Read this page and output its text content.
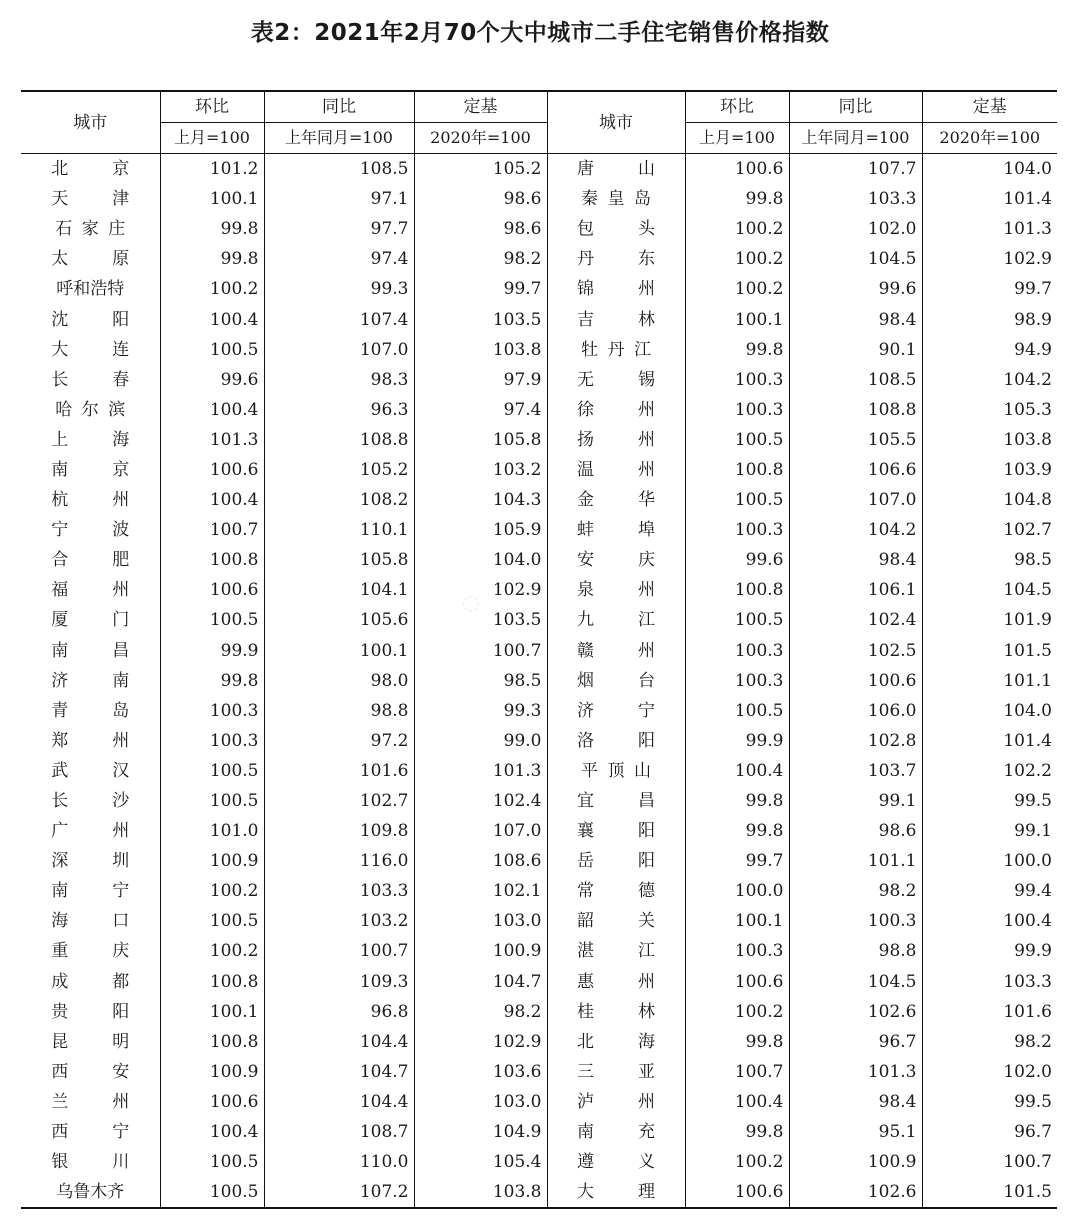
表2：2021年2月70个大中城市二手住宅销售价格指数
城市	环比	同比	定基	城市	环比	同比	定基
	上月=100	上年同月=100	2020年=100		上月=100	上年同月=100	2020年=100

北 京	101.2	108.5	105.2	唐 山	100.6	107.7	104.0

天 津	100.1	97.1	98.6	秦 皇 岛	99.8	103.3	101.4

石 家 庄	99.8	97.7	98.6	包 头	100.2	102.0	101.3

太 原	99.8	97.4	98.2	丹 东	100.2	104.5	102.9

呼 和 浩 特	100.2	99.3	99.7	锦 州	100.2	99.6	99.7

沈 阳	100.4	107.4	103.5	吉 林	100.1	98.4	98.9

大 连	100.5	107.0	103.8	牡 丹 江	99.8	90.1	94.9

长 春	99.6	98.3	97.9	无 锡	100.3	108.5	104.2

哈 尔 滨	100.4	96.3	97.4	徐 州	100.3	108.8	105.3

上 海	101.3	108.8	105.8	扬 州	100.5	105.5	103.8

南 京	100.6	105.2	103.2	温 州	100.8	106.6	103.9

杭 州	100.4	108.2	104.3	金 华	100.5	107.0	104.8

宁 波	100.7	110.1	105.9	蚌 埠	100.3	104.2	102.7

合 肥	100.8	105.8	104.0	安 庆	99.6	98.4	98.5

福 州	100.6	104.1	102.9	泉 州	100.8	106.1	104.5

厦 门	100.5	105.6	103.5	九 江	100.5	102.4	101.9

南 昌	99.9	100.1	100.7	赣 州	100.3	102.5	101.5

济 南	99.8	98.0	98.5	烟 台	100.3	100.6	101.1

青 岛	100.3	98.8	99.3	济 宁	100.5	106.0	104.0

郑 州	100.3	97.2	99.0	洛 阳	99.9	102.8	101.4

武 汉	100.5	101.6	101.3	平 顶 山	100.4	103.7	102.2

长 沙	100.5	102.7	102.4	宜 昌	99.8	99.1	99.5

广 州	101.0	109.8	107.0	襄 阳	99.8	98.6	99.1

深 圳	100.9	116.0	108.6	岳 阳	99.7	101.1	100.0

南 宁	100.2	103.3	102.1	常 德	100.0	98.2	99.4

海 口	100.5	103.2	103.0	韶 关	100.1	100.3	100.4

重 庆	100.2	100.7	100.9	湛 江	100.3	98.8	99.9

成 都	100.8	109.3	104.7	惠 州	100.6	104.5	103.3

贵 阳	100.1	96.8	98.2	桂 林	100.2	102.6	101.6

昆 明	100.8	104.4	102.9	北 海	99.8	96.7	98.2

西 安	100.9	104.7	103.6	三 亚	100.7	101.3	102.0

兰 州	100.6	104.4	103.0	泸 州	100.4	98.4	99.5

西 宁	100.4	108.7	104.9	南 充	99.8	95.1	96.7

银 川	100.5	110.0	105.4	遵 义	100.2	100.9	100.7

乌 鲁 木 齐	100.5	107.2	103.8	大 理	100.6	102.6	101.5
◌
